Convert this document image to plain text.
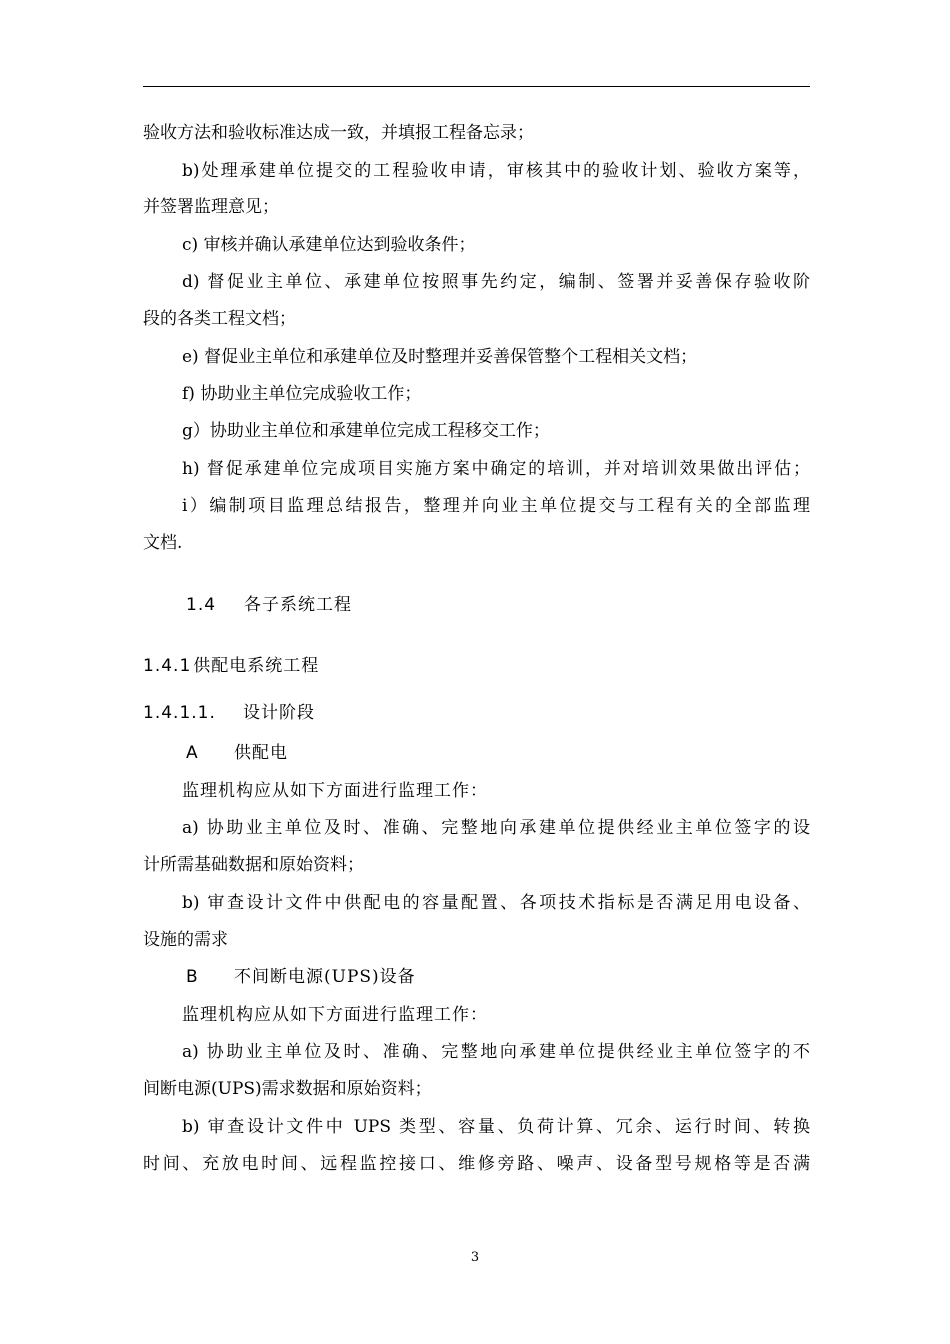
验收方法和验收标准达成一致，并填报工程备忘录；
b)处理承建单位提交的工程验收申请，审核其中的验收计划、验收方案等，
并签署监理意见；
c) 审核并确认承建单位达到验收条件；
d) 督促业主单位、承建单位按照事先约定，编制、签署并妥善保存验收阶
段的各类工程文档；
e) 督促业主单位和承建单位及时整理并妥善保管整个工程相关文档；
f) 协助业主单位完成验收工作；
g）协助业主单位和承建单位完成工程移交工作；
h) 督促承建单位完成项目实施方案中确定的培训，并对培训效果做出评估；
i）编制项目监理总结报告，整理并向业主单位提交与工程有关的全部监理
文档.
1.4 各子系统工程
1.4.1 供配电系统工程
1.4.1.1. 设计阶段
A 供配电
监理机构应从如下方面进行监理工作：
a) 协助业主单位及时、准确、完整地向承建单位提供经业主单位签字的设
计所需基础数据和原始资料；
b) 审查设计文件中供配电的容量配置、各项技术指标是否满足用电设备、
设施的需求
B 不间断电源(UPS)设备
监理机构应从如下方面进行监理工作：
a) 协助业主单位及时、准确、完整地向承建单位提供经业主单位签字的不
间断电源(UPS)需求数据和原始资料；
b) 审查设计文件中 UPS 类型、容量、负荷计算、冗余、运行时间、转换
时间、充放电时间、远程监控接口、维修旁路、噪声、设备型号规格等是否满
3
